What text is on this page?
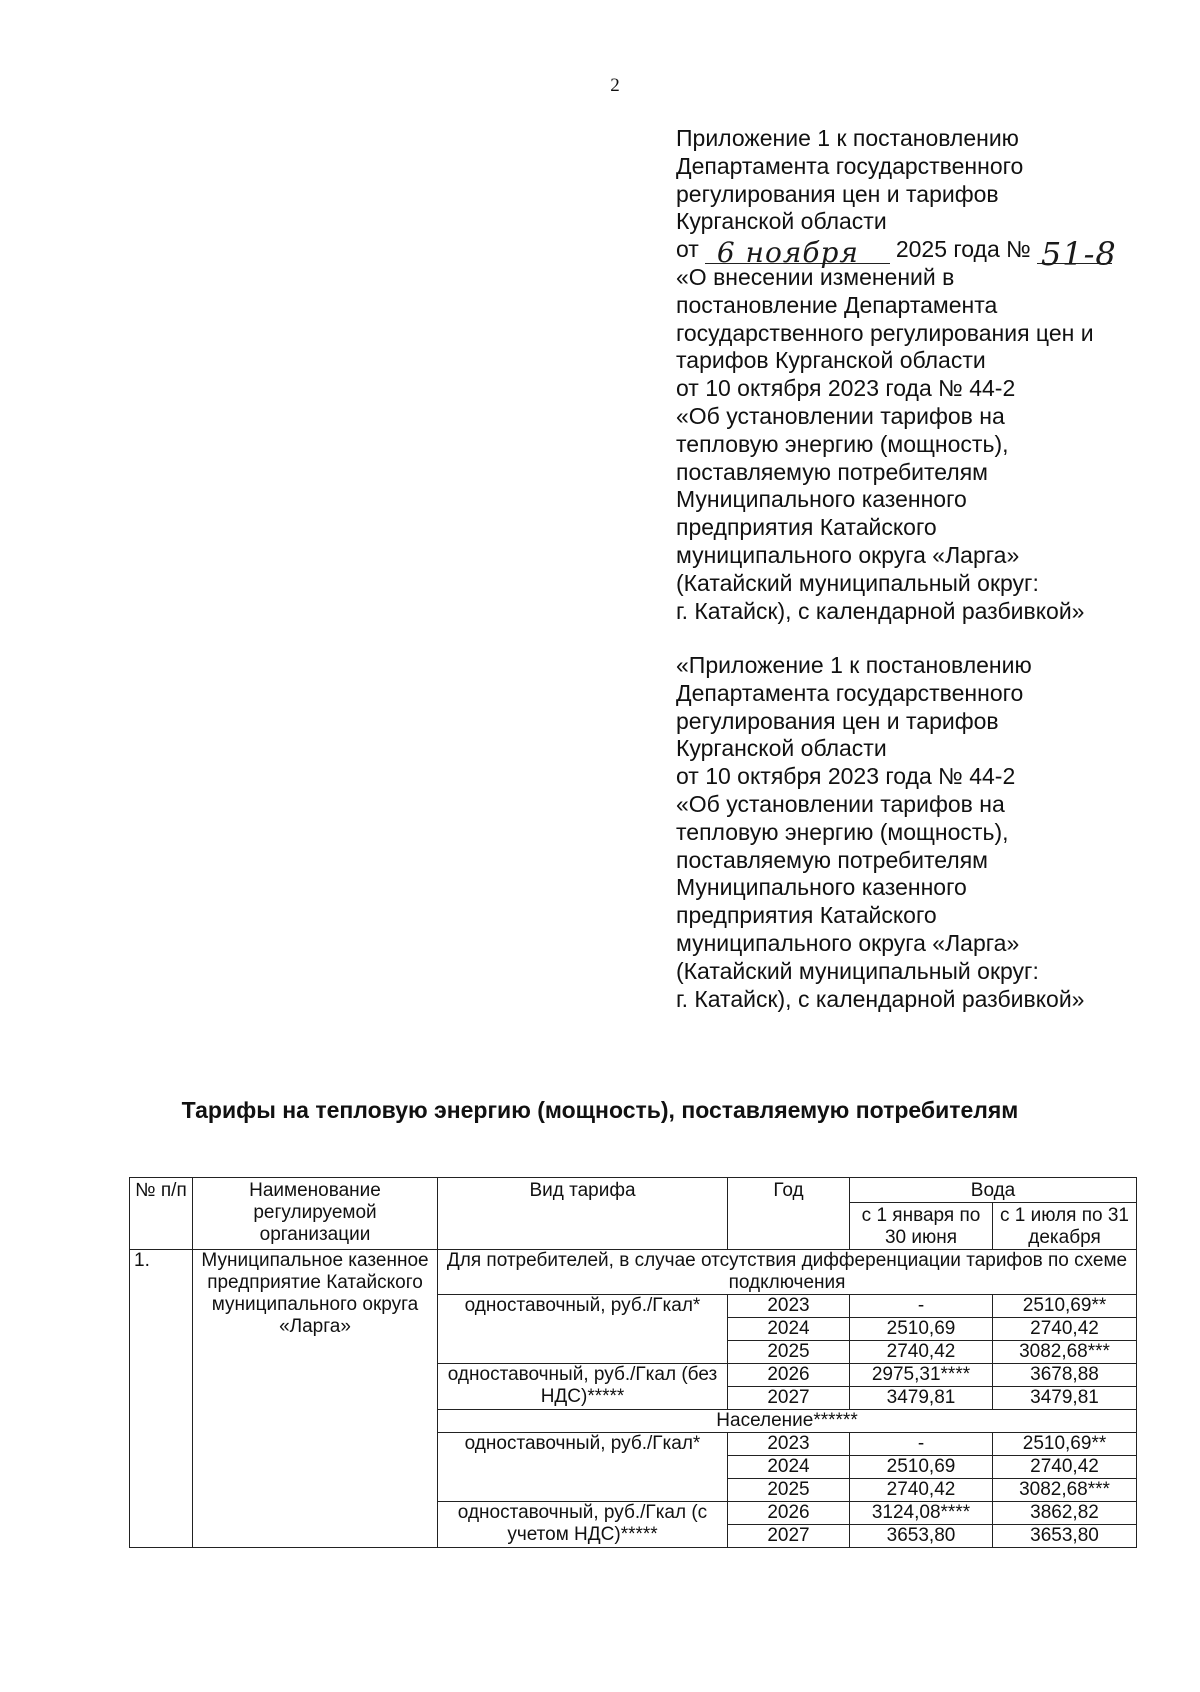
2
Приложение 1 к постановлению
Департамента государственного
регулирования цен и тарифов
Курганской области
от 6 ноября 2025 года № 51-8
«О внесении изменений в
постановление Департамента
государственного регулирования цен и
тарифов Курганской области
от 10 октября 2023 года № 44-2
«Об установлении тарифов на
тепловую энергию (мощность),
поставляемую потребителям
Муниципального казенного
предприятия Катайского
муниципального округа «Ларга»
(Катайский муниципальный округ:
г. Катайск), с календарной разбивкой»
«Приложение 1 к постановлению
Департамента государственного
регулирования цен и тарифов
Курганской области
от 10 октября 2023 года № 44-2
«Об установлении тарифов на
тепловую энергию (мощность),
поставляемую потребителям
Муниципального казенного
предприятия Катайского
муниципального округа «Ларга»
(Катайский муниципальный округ:
г. Катайск), с календарной разбивкой»
Тарифы на тепловую энергию (мощность), поставляемую потребителям
№ п/п	Наименование регулируемой организации	Вид тарифа	Год	Вода	
				с 1 января по 30 июня	с 1 июля по 31 декабря
1.	Муниципальное казенное предприятие Катайского муниципального округа «Ларга»	Для потребителей, в случае отсутствия дифференциации тарифов по схеме подключения			
		одноставочный, руб./Гкал*	2023	-	2510,69**
			2024	2510,69	2740,42
			2025	2740,42	3082,68***
		одноставочный, руб./Гкал (без НДС)*****	2026	2975,31****	3678,88
			2027	3479,81	3479,81
		Население******			
		одноставочный, руб./Гкал*	2023	-	2510,69**
			2024	2510,69	2740,42
			2025	2740,42	3082,68***
		одноставочный, руб./Гкал (с учетом НДС)*****	2026	3124,08****	3862,82
			2027	3653,80	3653,80
